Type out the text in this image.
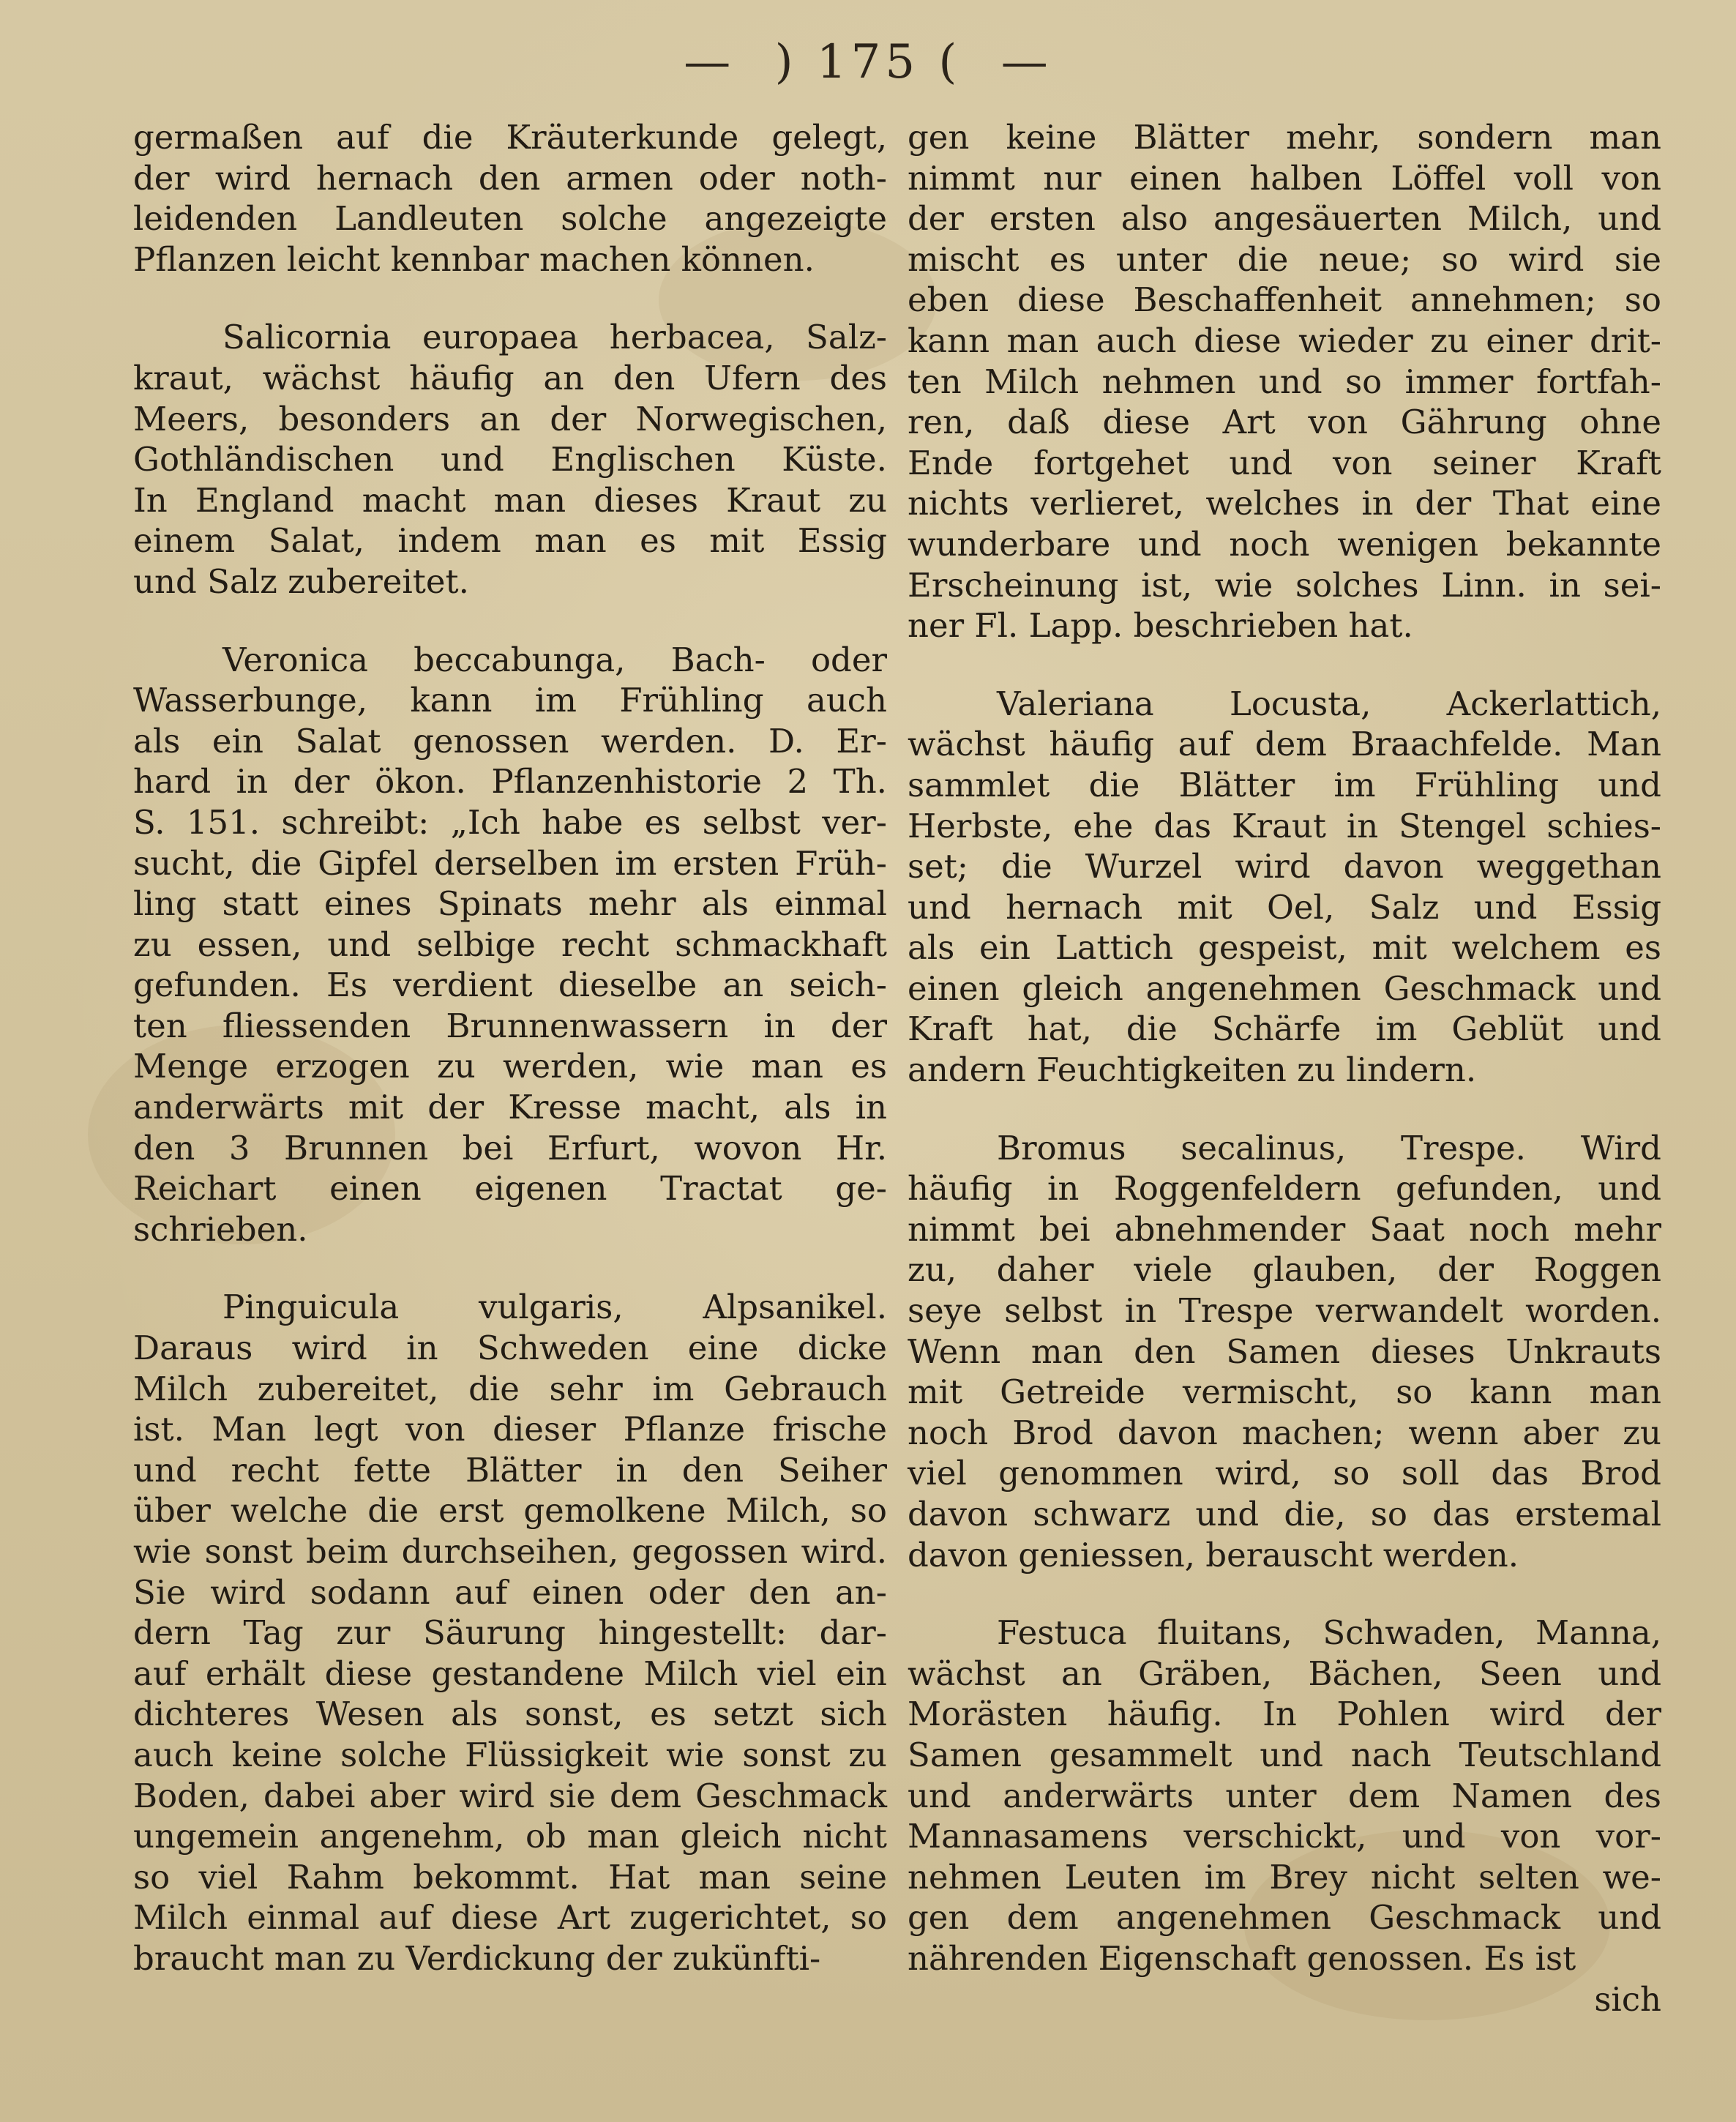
— ) 175 ( —
germaßen auf die Kräuterkunde gelegt,
der wird hernach den armen oder noth-
leidenden Landleuten solche angezeigte
Pflanzen leicht kennbar machen können.
Salicornia europaea herbacea, Salz-
kraut, wächst häufig an den Ufern des
Meers, besonders an der Norwegischen,
Gothländischen und Englischen Küste.
In England macht man dieses Kraut zu
einem Salat, indem man es mit Essig
und Salz zubereitet.
Veronica beccabunga, Bach- oder
Wasserbunge, kann im Frühling auch
als ein Salat genossen werden. D. Er-
hard in der ökon. Pflanzenhistorie 2 Th.
S. 151. schreibt: „Ich habe es selbst ver-
sucht, die Gipfel derselben im ersten Früh-
ling statt eines Spinats mehr als einmal
zu essen, und selbige recht schmackhaft
gefunden. Es verdient dieselbe an seich-
ten fliessenden Brunnenwassern in der
Menge erzogen zu werden, wie man es
anderwärts mit der Kresse macht, als in
den 3 Brunnen bei Erfurt, wovon Hr.
Reichart einen eigenen Tractat ge-
schrieben.
Pinguicula vulgaris, Alpsanikel.
Daraus wird in Schweden eine dicke
Milch zubereitet, die sehr im Gebrauch
ist. Man legt von dieser Pflanze frische
und recht fette Blätter in den Seiher
über welche die erst gemolkene Milch, so
wie sonst beim durchseihen, gegossen wird.
Sie wird sodann auf einen oder den an-
dern Tag zur Säurung hingestellt: dar-
auf erhält diese gestandene Milch viel ein
dichteres Wesen als sonst, es setzt sich
auch keine solche Flüssigkeit wie sonst zu
Boden, dabei aber wird sie dem Geschmack
ungemein angenehm, ob man gleich nicht
so viel Rahm bekommt. Hat man seine
Milch einmal auf diese Art zugerichtet, so
braucht man zu Verdickung der zukünfti-
gen keine Blätter mehr, sondern man
nimmt nur einen halben Löffel voll von
der ersten also angesäuerten Milch, und
mischt es unter die neue; so wird sie
eben diese Beschaffenheit annehmen; so
kann man auch diese wieder zu einer drit-
ten Milch nehmen und so immer fortfah-
ren, daß diese Art von Gährung ohne
Ende fortgehet und von seiner Kraft
nichts verlieret, welches in der That eine
wunderbare und noch wenigen bekannte
Erscheinung ist, wie solches Linn. in sei-
ner Fl. Lapp. beschrieben hat.
Valeriana Locusta, Ackerlattich,
wächst häufig auf dem Braachfelde. Man
sammlet die Blätter im Frühling und
Herbste, ehe das Kraut in Stengel schies-
set; die Wurzel wird davon weggethan
und hernach mit Oel, Salz und Essig
als ein Lattich gespeist, mit welchem es
einen gleich angenehmen Geschmack und
Kraft hat, die Schärfe im Geblüt und
andern Feuchtigkeiten zu lindern.
Bromus secalinus, Trespe. Wird
häufig in Roggenfeldern gefunden, und
nimmt bei abnehmender Saat noch mehr
zu, daher viele glauben, der Roggen
seye selbst in Trespe verwandelt worden.
Wenn man den Samen dieses Unkrauts
mit Getreide vermischt, so kann man
noch Brod davon machen; wenn aber zu
viel genommen wird, so soll das Brod
davon schwarz und die, so das erstemal
davon geniessen, berauscht werden.
Festuca fluitans, Schwaden, Manna,
wächst an Gräben, Bächen, Seen und
Morästen häufig. In Pohlen wird der
Samen gesammelt und nach Teutschland
und anderwärts unter dem Namen des
Mannasamens verschickt, und von vor-
nehmen Leuten im Brey nicht selten we-
gen dem angenehmen Geschmack und
nährenden Eigenschaft genossen. Es ist
sich
